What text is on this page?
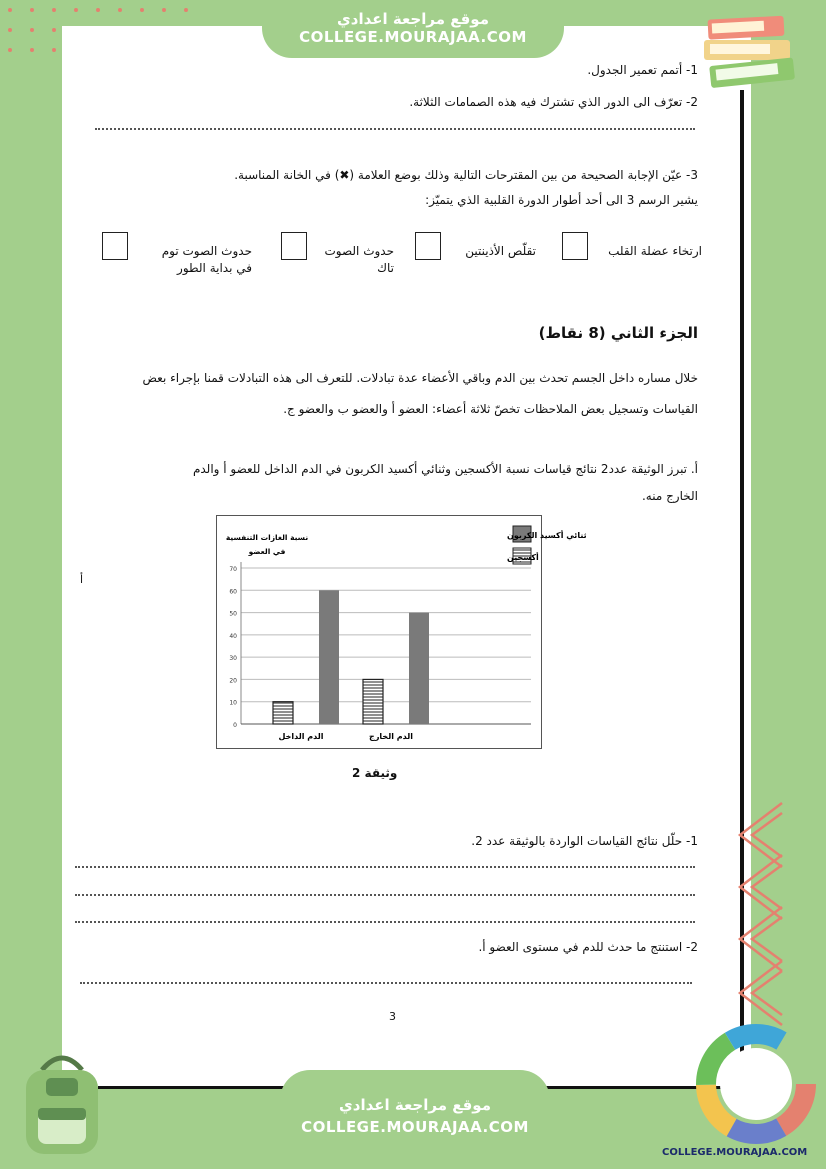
موقع مراجعة اعدادي
COLLEGE.MOURAJAA.COM
1- أتمم تعمير الجدول.
2- تعرّف الى الدور الذي تشترك فيه هذه الصمامات الثلاثة.
3- عيّن الإجابة الصحيحة من بين المقترحات التالية وذلك بوضع العلامة (✖) في الخانة المناسبة.
يشير الرسم 3 الى أحد أطوار الدورة القلبية الذي يتميّز:
ارتخاء عضلة القلب
تقلّص الأذينتين
حدوث الصوت تاك
حدوث الصوت توم في بداية الطور
الجزء الثاني (8 نقاط)
خلال مساره داخل الجسم تحدث بين الدم وباقي الأعضاء عدة تبادلات. للتعرف الى هذه التبادلات قمنا بإجراء بعض
القياسات وتسجيل بعض الملاحظات تخصّ ثلاثة أعضاء: العضو أ والعضو ب والعضو ج.
أ. تبرز الوثيقة عدد2 نتائج قياسات نسبة الأكسجين وثنائي أكسيد الكربون في الدم الداخل للعضو أ والدم
الخارج منه.
أ
0
10
20
30
40
50
60
70
نسبة الغازات التنفسية
في العضو
الدم الداخل	الدم الخارج
ثنائي أكسيد الكربون
أكسجين
وثيقة 2
1- حلّل نتائج القياسات الواردة بالوثيقة عدد 2.
2- استنتج ما حدث للدم في مستوى العضو أ.
3
موقع مراجعة اعدادي
COLLEGE.MOURAJAA.COM
COLLEGE.MOURAJAA.COM
